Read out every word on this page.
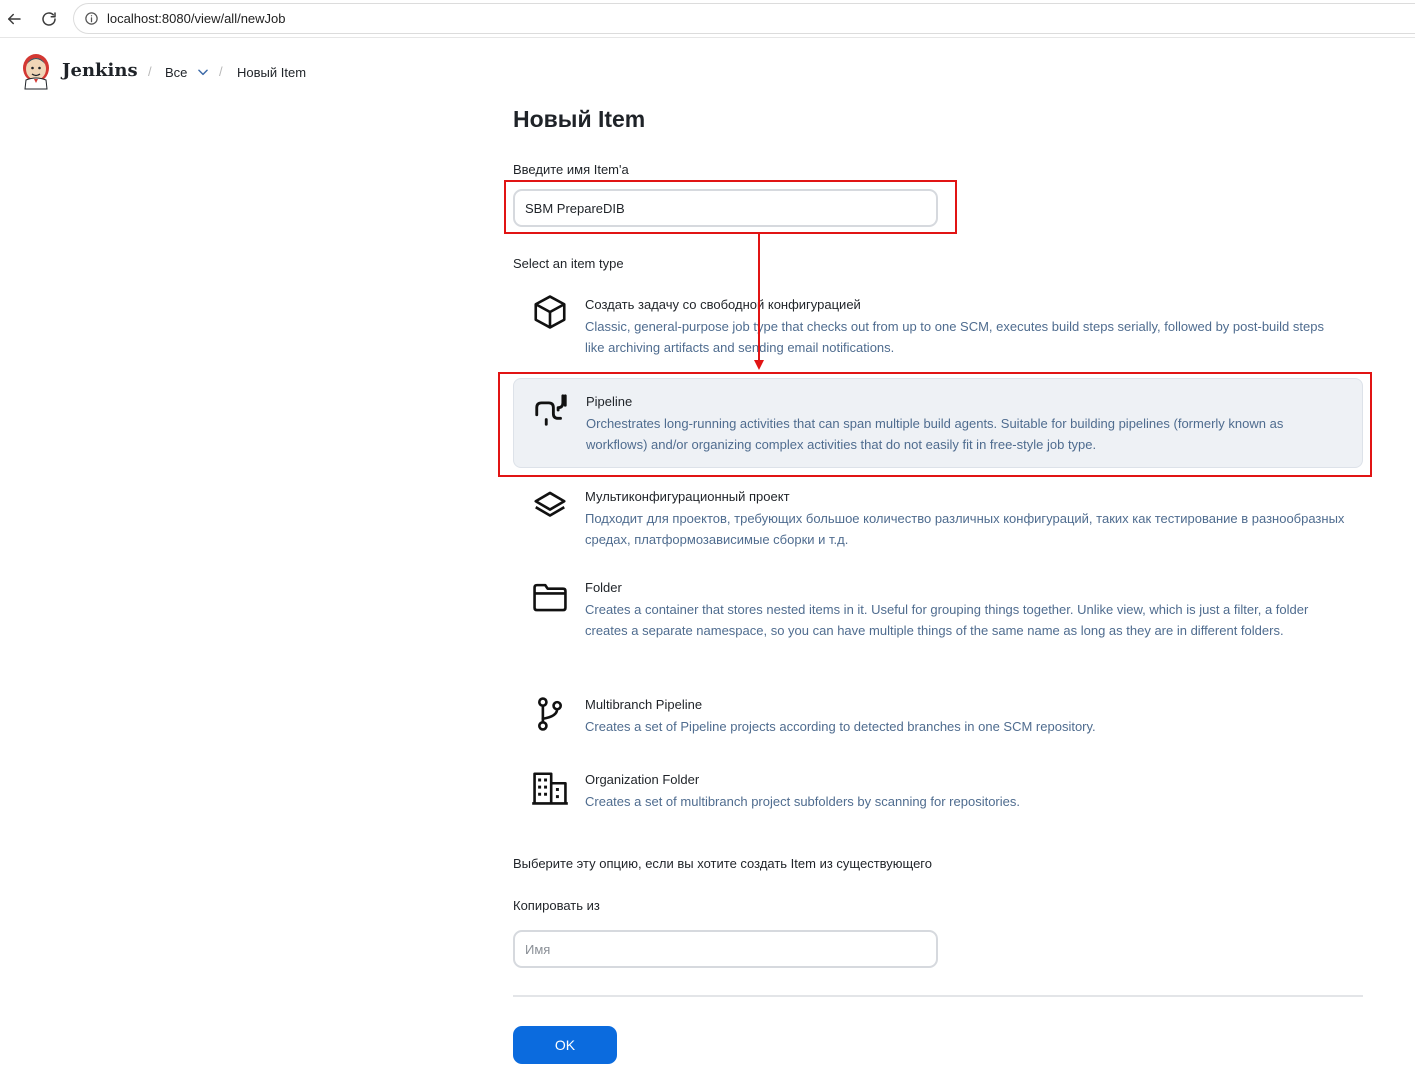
localhost:8080/view/all/newJob
Jenkins / Все / Новый Item
Новый Item
Введите имя Item'a
SBM PrepareDIB
Select an item type
Создать задачу со свободной конфигурацией
Classic, general-purpose job type that checks out from up to one SCM, executes build steps serially, followed by post-build steps like archiving artifacts and sending email notifications.
Pipeline
Orchestrates long-running activities that can span multiple build agents. Suitable for building pipelines (formerly known as workflows) and/or organizing complex activities that do not easily fit in free-style job type.
Мультиконфигурационный проект
Подходит для проектов, требующих большое количество различных конфигураций, таких как тестирование в разнообразных средах, платформозависимые сборки и т.д.
Folder
Creates a container that stores nested items in it. Useful for grouping things together. Unlike view, which is just a filter, a folder creates a separate namespace, so you can have multiple things of the same name as long as they are in different folders.
Multibranch Pipeline
Creates a set of Pipeline projects according to detected branches in one SCM repository.
Organization Folder
Creates a set of multibranch project subfolders by scanning for repositories.
Выберите эту опцию, если вы хотите создать Item из существующего
Копировать из
Имя
OK
